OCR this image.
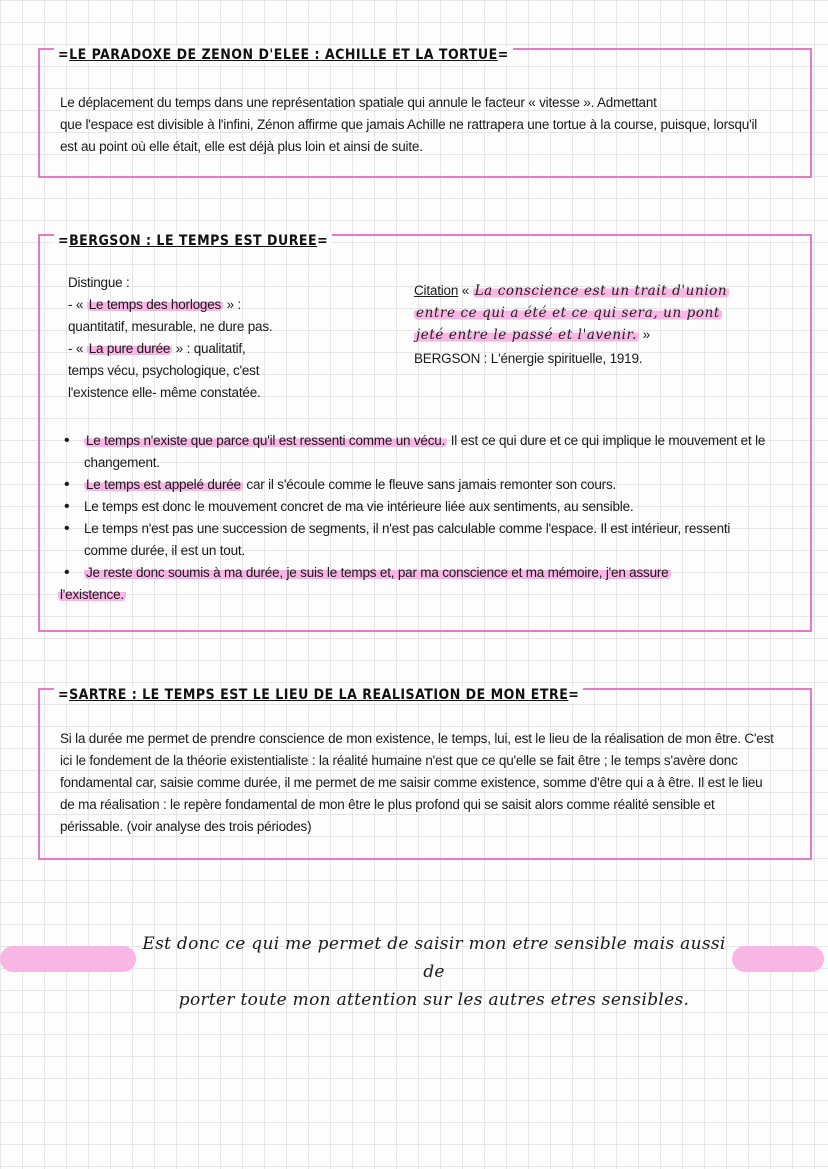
=LE PARADOXE DE ZENON D'ELEE : ACHILLE ET LA TORTUE=
Le déplacement du temps dans une représentation spatiale qui annule le facteur « vitesse ». Admettant
que l'espace est divisible à l'infini, Zénon affirme que jamais Achille ne rattrapera une tortue à la course, puisque, lorsqu'il
est au point où elle était, elle est déjà plus loin et ainsi de suite.
=BERGSON : LE TEMPS EST DUREE=
Distingue :
- « Le temps des horloges » :
quantitatif, mesurable, ne dure pas.
- « La pure durée » : qualitatif,
temps vécu, psychologique, c'est
l'existence elle- même constatée.
Citation « La conscience est un trait d'union
entre ce qui a été et ce qui sera, un pont
jeté entre le passé et l'avenir. »
BERGSON : L'énergie spirituelle, 1919.
• Le temps n'existe que parce qu'il est ressenti comme un vécu. Il est ce qui dure et ce qui implique le mouvement et le
changement.
• Le temps est appelé durée car il s'écoule comme le fleuve sans jamais remonter son cours.
• Le temps est donc le mouvement concret de ma vie intérieure liée aux sentiments, au sensible.
• Le temps n'est pas une succession de segments, il n'est pas calculable comme l'espace. Il est intérieur, ressenti
comme durée, il est un tout.
• Je reste donc soumis à ma durée, je suis le temps et, par ma conscience et ma mémoire, j'en assure
l'existence.
=SARTRE : LE TEMPS EST LE LIEU DE LA REALISATION DE MON ETRE=
Si la durée me permet de prendre conscience de mon existence, le temps, lui, est le lieu de la réalisation de mon être. C'est
ici le fondement de la théorie existentialiste : la réalité humaine n'est que ce qu'elle se fait être ; le temps s'avère donc
fondamental car, saisie comme durée, il me permet de me saisir comme existence, somme d'être qui a à être. Il est le lieu
de ma réalisation : le repère fondamental de mon être le plus profond qui se saisit alors comme réalité sensible et
périssable. (voir analyse des trois périodes)
Est donc ce qui me permet de saisir mon etre sensible mais aussi de
porter toute mon attention sur les autres etres sensibles.
